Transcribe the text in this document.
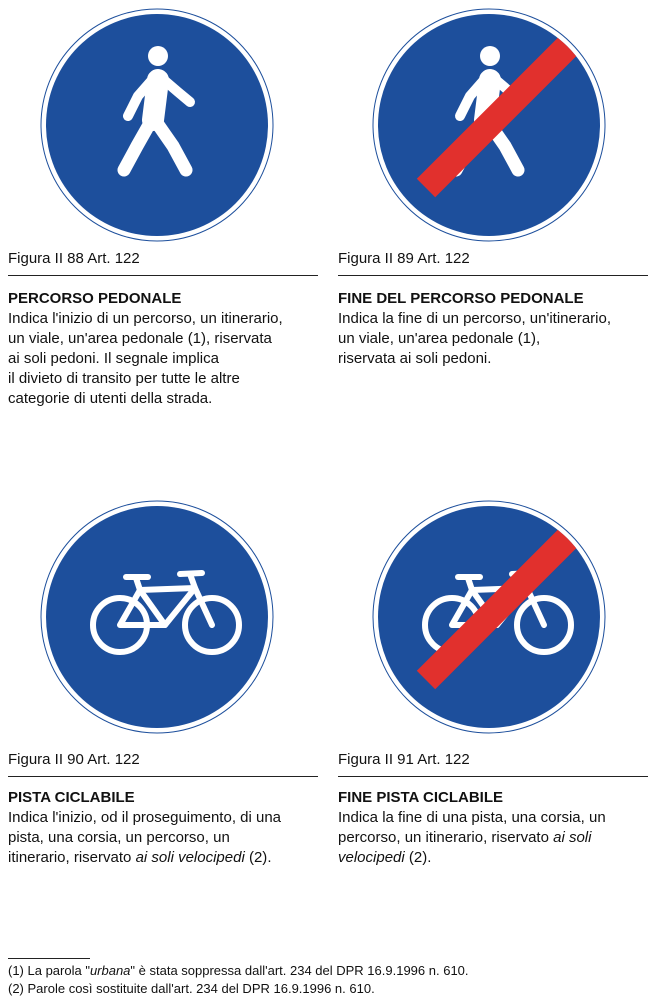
Figura II 88 Art. 122
PERCORSO PEDONALE
Indica l'inizio di un percorso, un itinerario,
un viale, un'area pedonale (1), riservata
ai soli pedoni. Il segnale implica
il divieto di transito per tutte le altre
categorie di utenti della strada.
Figura II 89 Art. 122
FINE DEL PERCORSO PEDONALE
Indica la fine di un percorso, un'itinerario,
un viale, un'area pedonale (1),
riservata ai soli pedoni.
Figura II 90 Art. 122
PISTA CICLABILE
Indica l'inizio, od il proseguimento, di una
pista, una corsia, un percorso, un
itinerario, riservato ai soli velocipedi (2).
Figura II 91 Art. 122
FINE PISTA CICLABILE
Indica la fine di una pista, una corsia, un
percorso, un itinerario, riservato ai soli
velocipedi (2).
(1) La parola "urbana" è stata soppressa dall'art. 234 del DPR 16.9.1996 n. 610.
(2) Parole così sostituite dall'art. 234 del DPR 16.9.1996 n. 610.
